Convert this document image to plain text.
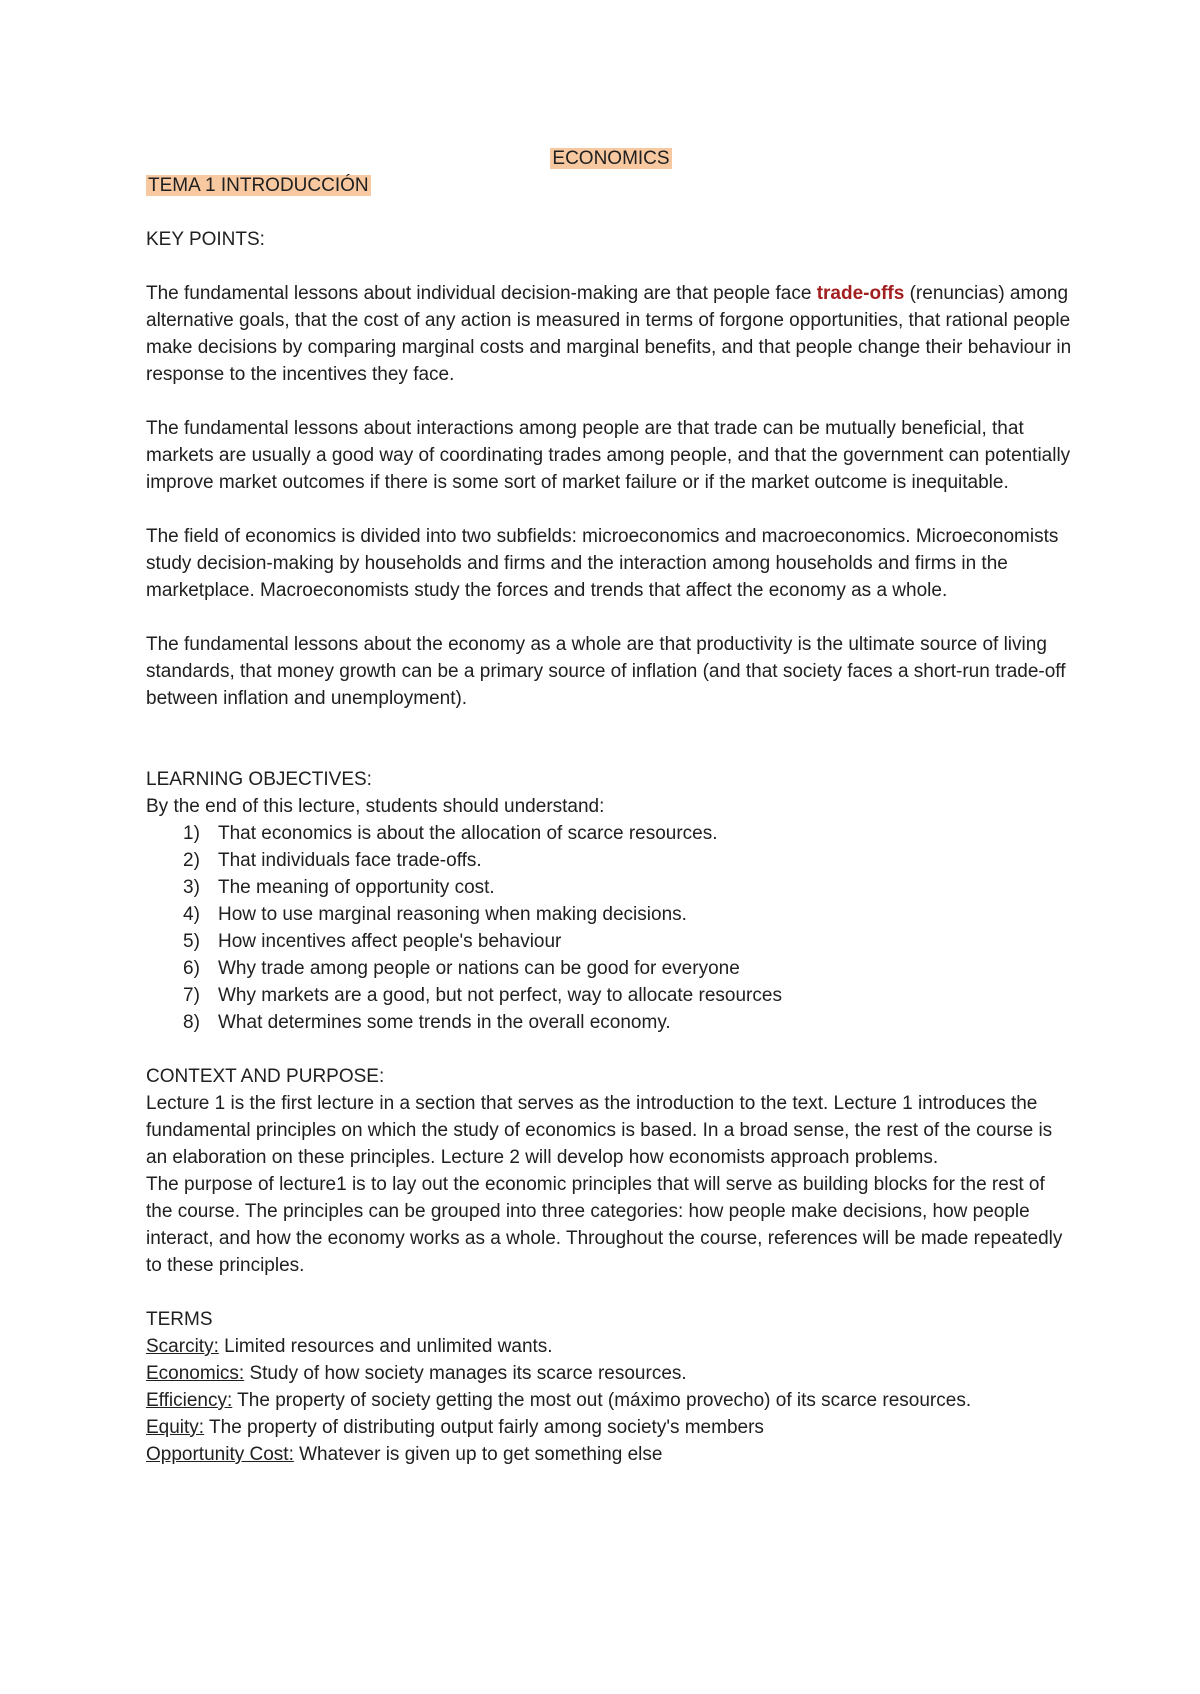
ECONOMICS
TEMA 1 INTRODUCCIÓN

KEY POINTS:

The fundamental lessons about individual decision-making are that people face trade-offs (renuncias) among alternative goals, that the cost of any action is measured in terms of forgone opportunities, that rational people make decisions by comparing marginal costs and marginal benefits, and that people change their behaviour in response to the incentives they face.

The fundamental lessons about interactions among people are that trade can be mutually beneficial, that markets are usually a good way of coordinating trades among people, and that the government can potentially improve market outcomes if there is some sort of market failure or if the market outcome is inequitable.

The field of economics is divided into two subfields: microeconomics and macroeconomics. Microeconomists study decision-making by households and firms and the interaction among households and firms in the marketplace. Macroeconomists study the forces and trends that affect the economy as a whole.

The fundamental lessons about the economy as a whole are that productivity is the ultimate source of living standards, that money growth can be a primary source of inflation (and that society faces a short-run trade-off between inflation and unemployment).

LEARNING OBJECTIVES:

By the end of this lecture, students should understand:

1) That economics is about the allocation of scarce resources.
2) That individuals face trade-offs.
3) The meaning of opportunity cost.
4) How to use marginal reasoning when making decisions.
5) How incentives affect people's behaviour
6) Why trade among people or nations can be good for everyone
7) Why markets are a good, but not perfect, way to allocate resources
8) What determines some trends in the overall economy.

CONTEXT AND PURPOSE:

Lecture 1 is the first lecture in a section that serves as the introduction to the text. Lecture 1 introduces the fundamental principles on which the study of economics is based. In a broad sense, the rest of the course is an elaboration on these principles. Lecture 2 will develop how economists approach problems.

The purpose of lecture1 is to lay out the economic principles that will serve as building blocks for the rest of the course. The principles can be grouped into three categories: how people make decisions, how people interact, and how the economy works as a whole. Throughout the course, references will be made repeatedly to these principles.

TERMS

Scarcity: Limited resources and unlimited wants.

Economics: Study of how society manages its scarce resources.

Efficiency: The property of society getting the most out (máximo provecho) of its scarce resources.

Equity: The property of distributing output fairly among society's members

Opportunity Cost: Whatever is given up to get something else
